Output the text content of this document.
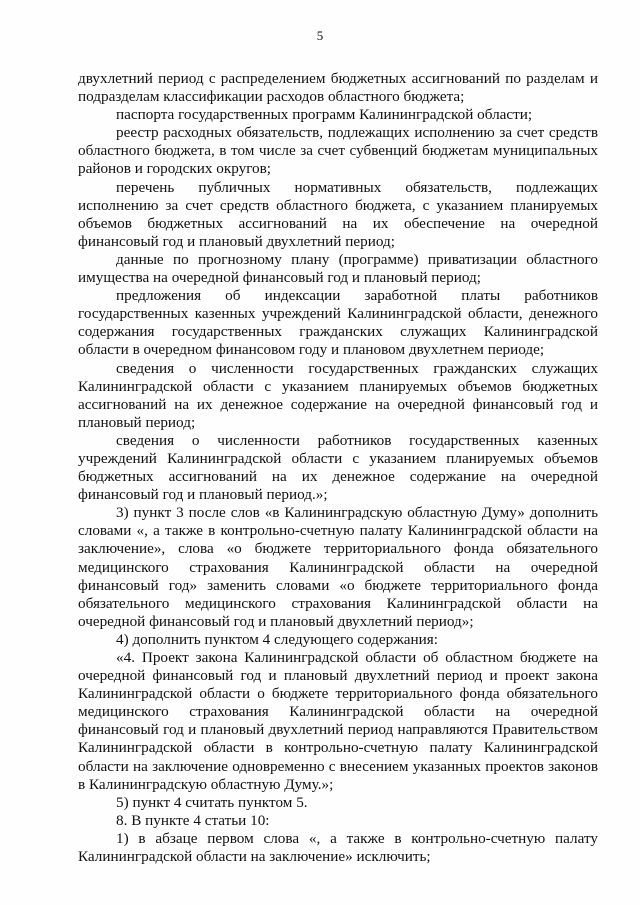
5

двухлетний период с распределением бюджетных ассигнований по разделам и подразделам классификации расходов областного бюджета;

паспорта государственных программ Калининградской области;

реестр расходных обязательств, подлежащих исполнению за счет средств областного бюджета, в том числе за счет субвенций бюджетам муниципальных районов и городских округов;

перечень публичных нормативных обязательств, подлежащих исполнению за счет средств областного бюджета, с указанием планируемых объемов бюджетных ассигнований на их обеспечение на очередной финансовый год и плановый двухлетний период;

данные по прогнозному плану (программе) приватизации областного имущества на очередной финансовый год и плановый период;

предложения об индексации заработной платы работников государственных казенных учреждений Калининградской области, денежного содержания государственных гражданских служащих Калининградской области в очередном финансовом году и плановом двухлетнем периоде;

сведения о численности государственных гражданских служащих Калининградской области с указанием планируемых объемов бюджетных ассигнований на их денежное содержание на очередной финансовый год и плановый период;

сведения о численности работников государственных казенных учреждений Калининградской области с указанием планируемых объемов бюджетных ассигнований на их денежное содержание на очередной финансовый год и плановый период.»;

3) пункт 3 после слов «в Калининградскую областную Думу» дополнить словами «, а также в контрольно-счетную палату Калининградской области на заключение», слова «о бюджете территориального фонда обязательного медицинского страхования Калининградской области на очередной финансовый год» заменить словами «о бюджете территориального фонда обязательного медицинского страхования Калининградской области на очередной финансовый год и плановый двухлетний период»;

4) дополнить пунктом 4 следующего содержания:

«4. Проект закона Калининградской области об областном бюджете на очередной финансовый год и плановый двухлетний период и проект закона Калининградской области о бюджете территориального фонда обязательного медицинского страхования Калининградской области на очередной финансовый год и плановый двухлетний период направляются Правительством Калининградской области в контрольно-счетную палату Калининградской области на заключение одновременно с внесением указанных проектов законов в Калининградскую областную Думу.»;

5) пункт 4 считать пунктом 5.

8. В пункте 4 статьи 10:

1) в абзаце первом слова «, а также в контрольно-счетную палату Калининградской области на заключение» исключить;
